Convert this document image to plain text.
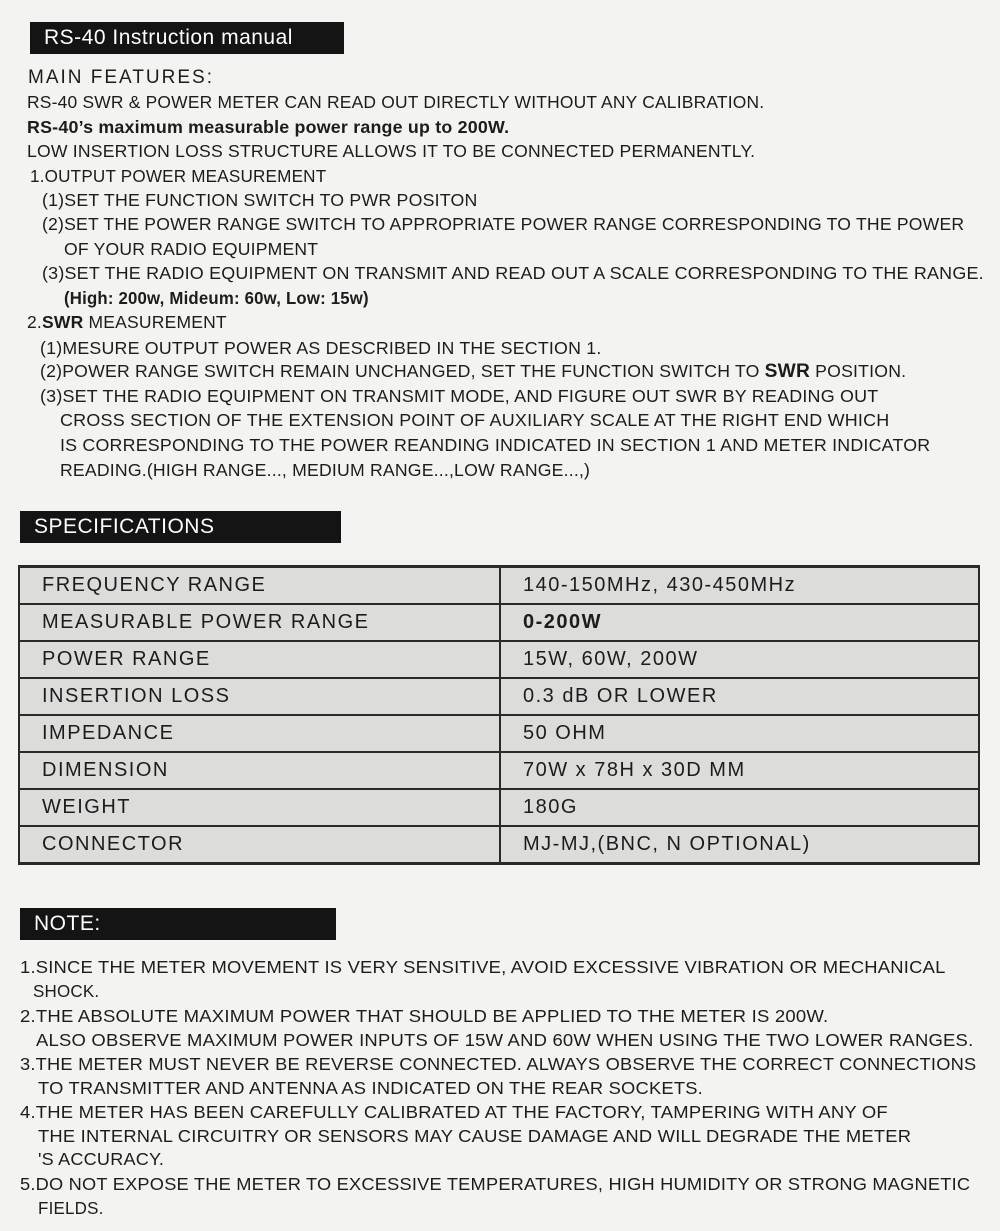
RS-40 Instruction manual
MAIN FEATURES:
RS-40 SWR & POWER METER CAN READ OUT DIRECTLY WITHOUT ANY CALIBRATION.
RS-40’s maximum measurable power range up to 200W.
LOW INSERTION LOSS STRUCTURE ALLOWS IT TO BE CONNECTED PERMANENTLY.
1.OUTPUT POWER MEASUREMENT
(1)SET THE FUNCTION SWITCH TO PWR POSITON
(2)SET THE POWER RANGE SWITCH TO APPROPRIATE POWER RANGE CORRESPONDING TO THE POWER
OF YOUR RADIO EQUIPMENT
(3)SET THE RADIO EQUIPMENT ON TRANSMIT AND READ OUT A SCALE CORRESPONDING TO THE RANGE.
(High: 200w, Mideum: 60w, Low: 15w)
2.SWR MEASUREMENT
(1)MESURE OUTPUT POWER AS DESCRIBED IN THE SECTION 1.
(2)POWER RANGE SWITCH REMAIN UNCHANGED, SET THE FUNCTION SWITCH TO SWR POSITION.
(3)SET THE RADIO EQUIPMENT ON TRANSMIT MODE, AND FIGURE OUT SWR BY READING OUT
CROSS SECTION OF THE EXTENSION POINT OF AUXILIARY SCALE AT THE RIGHT END WHICH
IS CORRESPONDING TO THE POWER REANDING INDICATED IN SECTION 1 AND METER INDICATOR
READING.(HIGH RANGE..., MEDIUM RANGE...,LOW RANGE...,)
SPECIFICATIONS
FREQUENCY RANGE	140-150MHz, 430-450MHz
MEASURABLE POWER RANGE	0-200W
POWER RANGE	15W, 60W, 200W
INSERTION LOSS	0.3 dB OR LOWER
IMPEDANCE	50 OHM
DIMENSION	70W x 78H x 30D MM
WEIGHT	180G
CONNECTOR	MJ-MJ,(BNC, N OPTIONAL)
NOTE:
1.SINCE THE METER MOVEMENT IS VERY SENSITIVE, AVOID EXCESSIVE VIBRATION OR MECHANICAL
SHOCK.
2.THE ABSOLUTE MAXIMUM POWER THAT SHOULD BE APPLIED TO THE METER IS 200W.
ALSO OBSERVE MAXIMUM POWER INPUTS OF 15W AND 60W WHEN USING THE TWO LOWER RANGES.
3.THE METER MUST NEVER BE REVERSE CONNECTED. ALWAYS OBSERVE THE CORRECT CONNECTIONS
TO TRANSMITTER AND ANTENNA AS INDICATED ON THE REAR SOCKETS.
4.THE METER HAS BEEN CAREFULLY CALIBRATED AT THE FACTORY, TAMPERING WITH ANY OF
THE INTERNAL CIRCUITRY OR SENSORS MAY CAUSE DAMAGE AND WILL DEGRADE THE METER
'S ACCURACY.
5.DO NOT EXPOSE THE METER TO EXCESSIVE TEMPERATURES, HIGH HUMIDITY OR STRONG MAGNETIC
FIELDS.
